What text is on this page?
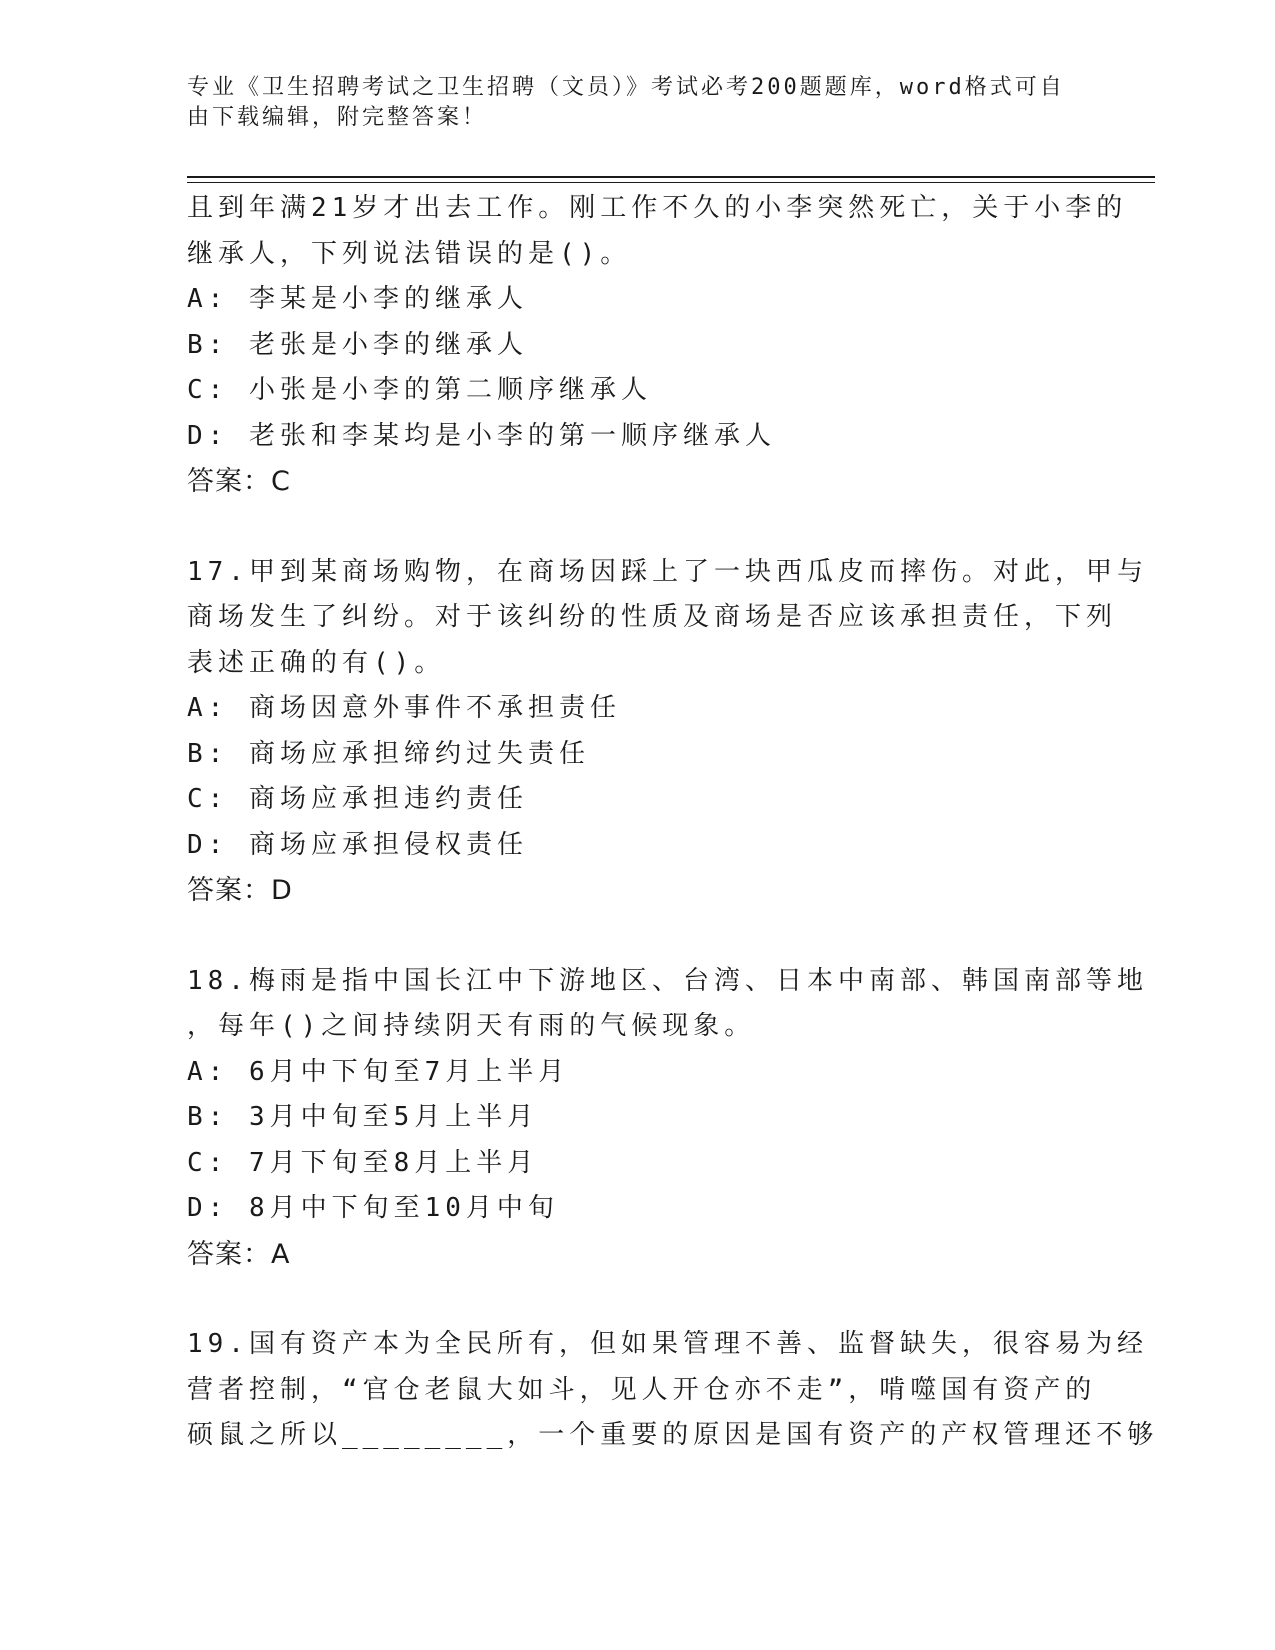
专业《卫生招聘考试之卫生招聘（文员）》考试必考200题题库，word格式可自
由下载编辑，附完整答案！
且到年满21岁才出去工作。刚工作不久的小李突然死亡，关于小李的
继承人，下列说法错误的是()。
A: 李某是小李的继承人
B: 老张是小李的继承人
C: 小张是小李的第二顺序继承人
D: 老张和李某均是小李的第一顺序继承人
答案：C
17.甲到某商场购物，在商场因踩上了一块西瓜皮而摔伤。对此，甲与
商场发生了纠纷。对于该纠纷的性质及商场是否应该承担责任，下列
表述正确的有()。
A: 商场因意外事件不承担责任
B: 商场应承担缔约过失责任
C: 商场应承担违约责任
D: 商场应承担侵权责任
答案：D
18.梅雨是指中国长江中下游地区、台湾、日本中南部、韩国南部等地
，每年()之间持续阴天有雨的气候现象。
A: 6月中下旬至7月上半月
B: 3月中旬至5月上半月
C: 7月下旬至8月上半月
D: 8月中下旬至10月中旬
答案：A
19.国有资产本为全民所有，但如果管理不善、监督缺失，很容易为经
营者控制，“官仓老鼠大如斗，见人开仓亦不走”，啃噬国有资产的
硕鼠之所以________，一个重要的原因是国有资产的产权管理还不够
